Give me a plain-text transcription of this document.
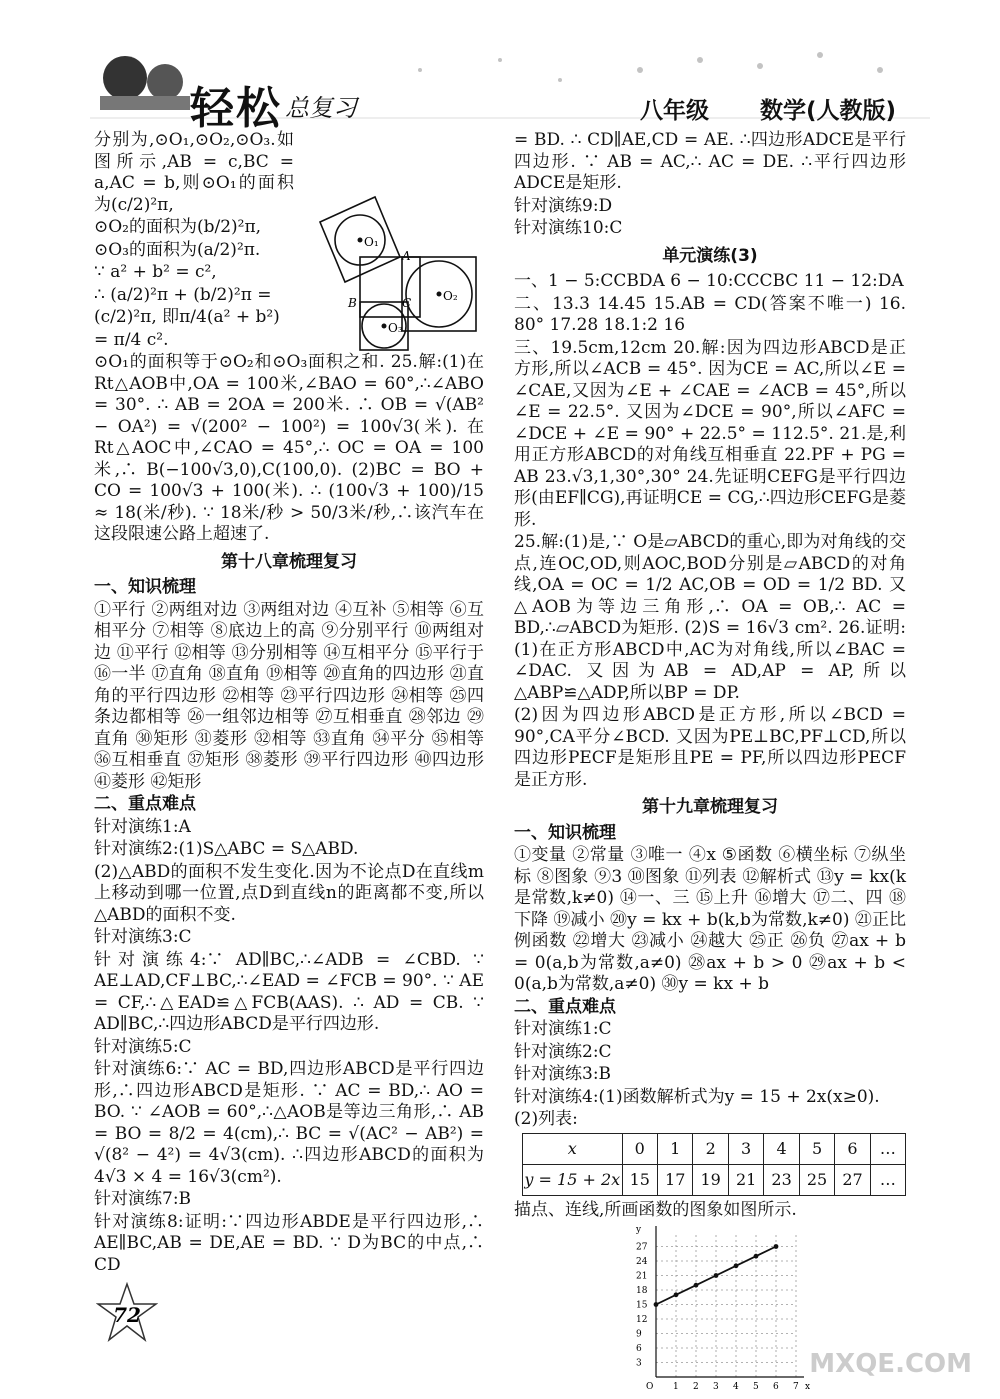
轻松 总复习	八年级 数学(人教版)
O₁
O₃
A
B	C	O₂

分别为,⊙O₁,⊙O₂,⊙O₃.如图所示,AB = c,BC = a,AC = b,则⊙O₁的面积为(c/2)²π,

⊙O₂的面积为(b/2)²π,

⊙O₃的面积为(a/2)²π.

∵ a² + b² = c²,

∴ (a/2)²π + (b/2)²π =

(c/2)²π, 即π/4(a² + b²)

= π/4 c².

⊙O₁的面积等于⊙O₂和⊙O₃面积之和. 25.解:(1)在Rt△AOB中,OA = 100米,∠BAO = 60°,∴∠ABO = 30°. ∴ AB = 2OA = 200米. ∴ OB = √(AB² − OA²) = √(200² − 100²) = 100√3(米). 在Rt△AOC中,∠CAO = 45°,∴ OC = OA = 100米,∴ B(−100√3,0),C(100,0). (2)BC = BO + CO = 100√3 + 100(米). ∴ (100√3 + 100)/15 ≈ 18(米/秒). ∵ 18米/秒 > 50/3米/秒,∴该汽车在这段限速公路上超速了.

第十八章梳理复习

一、知识梳理

①平行 ②两组对边 ③两组对边 ④互补 ⑤相等 ⑥互相平分 ⑦相等 ⑧底边上的高 ⑨分别平行 ⑩两组对边 ⑪平行 ⑫相等 ⑬分别相等 ⑭互相平分 ⑮平行于 ⑯一半 ⑰直角 ⑱直角 ⑲相等 ⑳直角的四边形 ㉑直角的平行四边形 ㉒相等 ㉓平行四边形 ㉔相等 ㉕四条边都相等 ㉖一组邻边相等 ㉗互相垂直 ㉘邻边 ㉙直角 ㉚矩形 ㉛菱形 ㉜相等 ㉝直角 ㉞平分 ㉟相等 ㊱互相垂直 ㊲矩形 ㊳菱形 ㊴平行四边形 ㊵四边形 ㊶菱形 ㊷矩形

二、重点难点

针对演练1:A

针对演练2:(1)S△ABC = S△ABD.

(2)△ABD的面积不发生变化.因为不论点D在直线m上移动到哪一位置,点D到直线n的距离都不变,所以△ABD的面积不变.

针对演练3:C

针对演练4:∵ AD∥BC,∴∠ADB = ∠CBD. ∵ AE⊥AD,CF⊥BC,∴∠EAD = ∠FCB = 90°. ∵ AE = CF,∴△EAD≌△FCB(AAS). ∴ AD = CB. ∵ AD∥BC,∴四边形ABCD是平行四边形.

针对演练5:C

针对演练6:∵ AC = BD,四边形ABCD是平行四边形,∴四边形ABCD是矩形. ∵ AC = BD,∴ AO = BO. ∵ ∠AOB = 60°,∴△AOB是等边三角形,∴ AB = BO = 8/2 = 4(cm),∴ BC = √(AC² − AB²) = √(8² − 4²) = 4√3(cm). ∴四边形ABCD的面积为4√3 × 4 = 16√3(cm²).

针对演练7:B

针对演练8:证明:∵四边形ABDE是平行四边形,∴ AE∥BC,AB = DE,AE = BD. ∵ D为BC的中点,∴ CD

= BD. ∴ CD∥AE,CD = AE. ∴四边形ADCE是平行四边形. ∵ AB = AC,∴ AC = DE. ∴平行四边形ADCE是矩形.

针对演练9:D

针对演练10:C

单元演练(3)

一、1 − 5:CCBDA 6 − 10:CCCBC 11 − 12:DA

二、13.3 14.45 15.AB = CD(答案不唯一) 16. 80° 17.28 18.1:2 16

三、19.5cm,12cm 20.解:因为四边形ABCD是正方形,所以∠ACB = 45°. 因为CE = AC,所以∠E = ∠CAE,又因为∠E + ∠CAE = ∠ACB = 45°,所以∠E = 22.5°. 又因为∠DCE = 90°,所以∠AFC = ∠DCE + ∠E = 90° + 22.5° = 112.5°. 21.是,利用正方形ABCD的对角线互相垂直 22.PF + PG = AB 23.√3,1,30°,30° 24.先证明CEFG是平行四边形(由EF∥CG),再证明CE = CG,∴四边形CEFG是菱形.

25.解:(1)是,∵ O是▱ABCD的重心,即为对角线的交点,连OC,OD,则AOC,BOD分别是▱ABCD的对角线,OA = OC = 1/2 AC,OB = OD = 1/2 BD. 又△AOB为等边三角形,∴ OA = OB,∴ AC = BD,∴▱ABCD为矩形. (2)S = 16√3 cm². 26.证明:(1)在正方形ABCD中,AC为对角线,所以∠BAC = ∠DAC. 又因为AB = AD,AP = AP,所以△ABP≌△ADP,所以BP = DP.

(2)因为四边形ABCD是正方形,所以∠BCD = 90°,CA平分∠BCD. 又因为PE⊥BC,PF⊥CD,所以四边形PECF是矩形且PE = PF,所以四边形PECF是正方形.

第十九章梳理复习

一、知识梳理

①变量 ②常量 ③唯一 ④x ⑤函数 ⑥横坐标 ⑦纵坐标 ⑧图象 ⑨3 ⑩图象 ⑪列表 ⑫解析式 ⑬y = kx(k是常数,k≠0) ⑭一、三 ⑮上升 ⑯增大 ⑰二、四 ⑱下降 ⑲减小 ⑳y = kx + b(k,b为常数,k≠0) ㉑正比例函数 ㉒增大 ㉓减小 ㉔越大 ㉕正 ㉖负 ㉗ax + b = 0(a,b为常数,a≠0) ㉘ax + b > 0 ㉙ax + b < 0(a,b为常数,a≠0) ㉚y = kx + b

二、重点难点

针对演练1:C

针对演练2:C

针对演练3:B

针对演练4:(1)函数解析式为y = 15 + 2x(x≥0).

(2)列表:

x	0	1	2	3	4	5	6	…
y = 15 + 2x	15	17	19	21	23	25	27	…

描点、连线,所画函数的图象如图所示.

O 1 2 3 4 5 6 7 x
3
6
9
12
15
18
21
24
27
y
72
MXQE.COM
